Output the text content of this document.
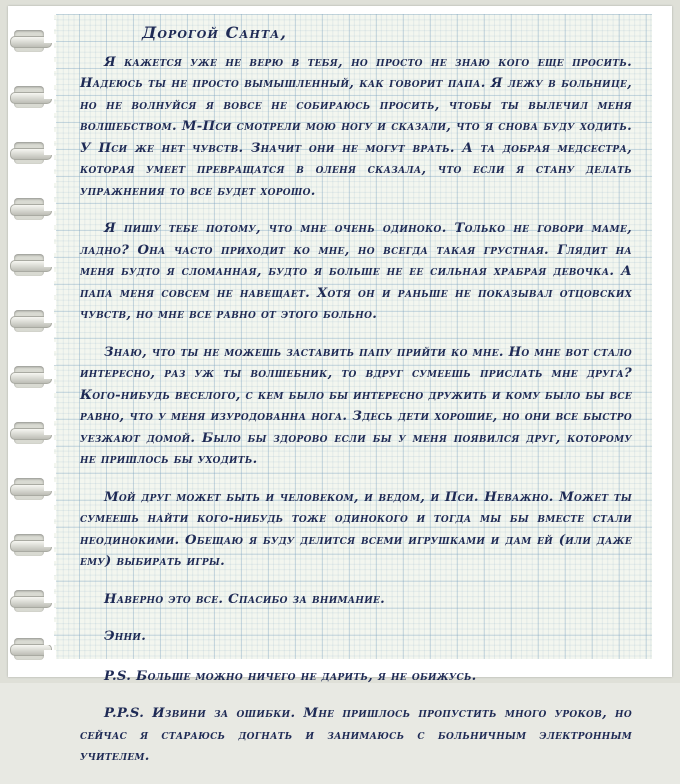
Дорогой Санта,

Я кажется уже не верю в тебя, но просто не знаю кого еще просить. Надеюсь ты не просто вымышленный, как говорит папа. Я лежу в больнице, но не волнуйся я вовсе не собираюсь просить, чтобы ты вылечил меня волшебством. М-Пси смотрели мою ногу и сказали, что я снова буду ходить. У Пси же нет чувств. Значит они не могут врать. А та добрая медсестра, которая умеет превращатся в оленя сказала, что если я стану делать упражнения то все будет хорошо.

Я пишу тебе потому, что мне очень одиноко. Только не говори маме, ладно? Она часто приходит ко мне, но всегда такая грустная. Глядит на меня будто я сломанная, будто я больше не ее сильная храбрая девочка. А папа меня совсем не навещает. Хотя он и раньше не показывал отцовских чувств, но мне все равно от этого больно.

Знаю, что ты не можешь заставить папу прийти ко мне. Но мне вот стало интересно, раз уж ты волшебник, то вдруг сумеешь прислать мне друга? Кого-нибудь веселого, с кем было бы интересно дружить и кому было бы все равно, что у меня изуродованна нога. Здесь дети хорошие, но они все быстро уезжают домой. Было бы здорово если бы у меня появился друг, которому не пришлось бы уходить.

Мой друг может быть и человеком, и ведом, и Пси. Неважно. Может ты сумеешь найти кого-нибудь тоже одинокого и тогда мы бы вместе стали неодинокими. Обещаю я буду делится всеми игрушками и дам ей (или даже ему) выбирать игры.

Наверно это все. Спасибо за внимание.

Энни.

P.S. Больше можно ничего не дарить, я не обижусь.

P.P.S. Извини за ошибки. Мне пришлось пропустить много уроков, но сейчас я стараюсь догнать и занимаюсь с больничным электронным учителем.
